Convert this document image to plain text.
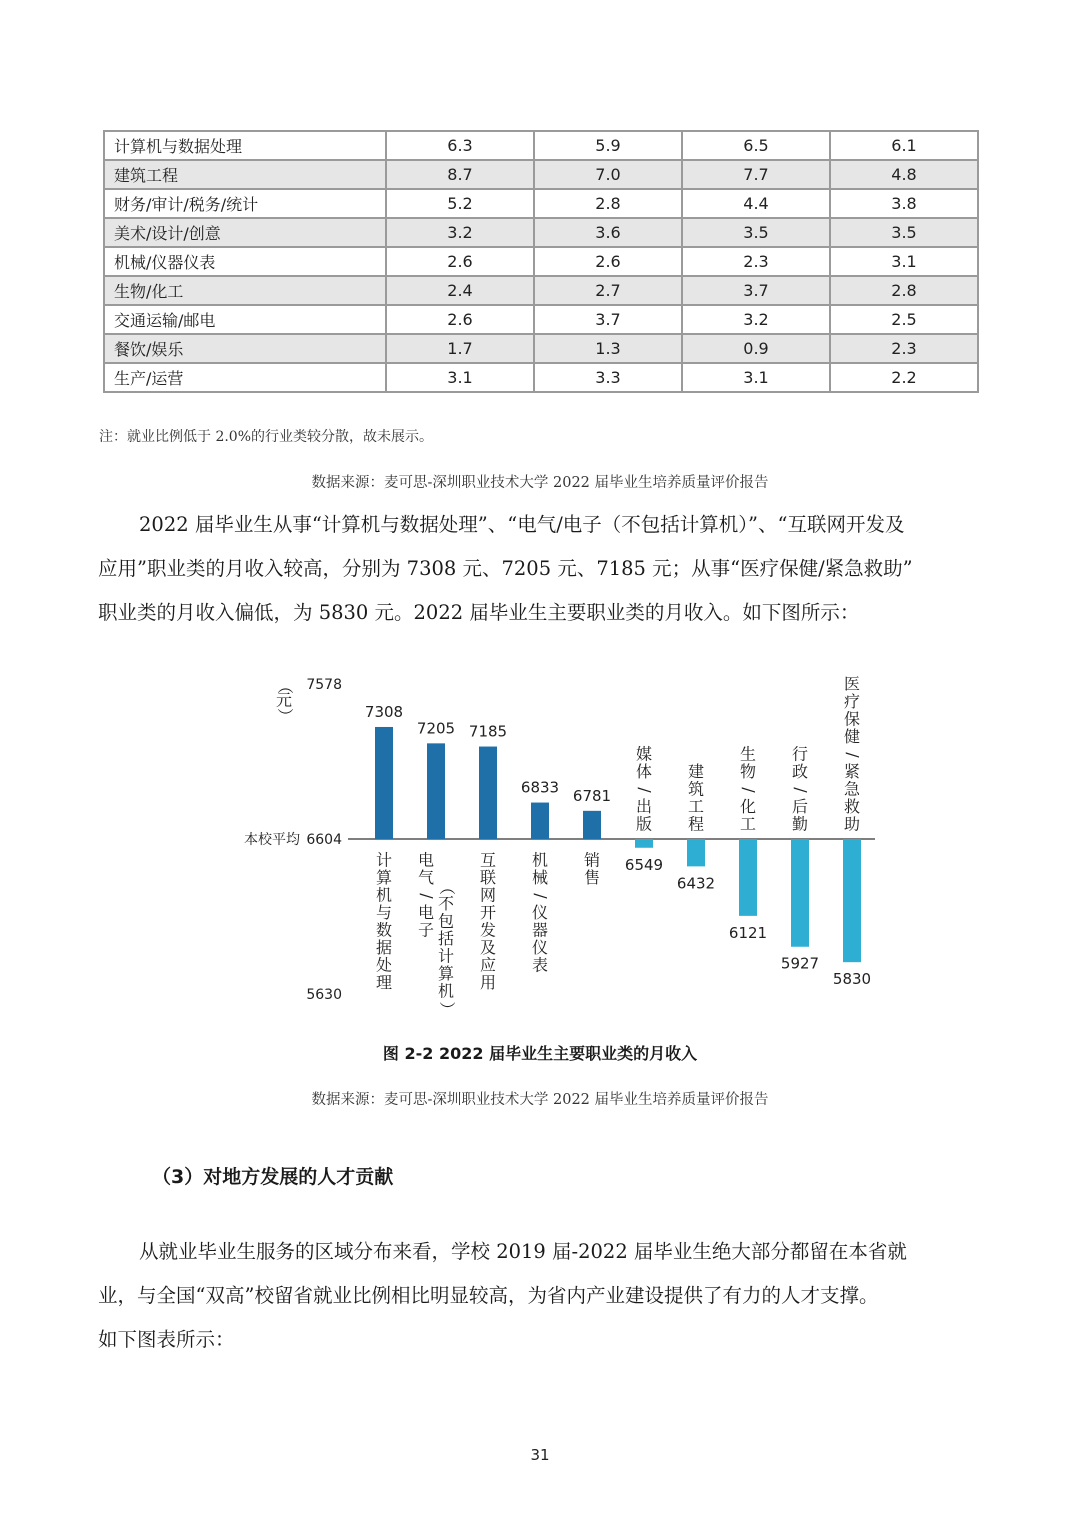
计算机与数据处理	6.3	5.9	6.5	6.1
建筑工程	8.7	7.0	7.7	4.8
财务/审计/税务/统计	5.2	2.8	4.4	3.8
美术/设计/创意	3.2	3.6	3.5	3.5
机械/仪器仪表	2.6	2.6	2.3	3.1
生物/化工	2.4	2.7	3.7	2.8
交通运输/邮电	2.6	3.7	3.2	2.5
餐饮/娱乐	1.7	1.3	0.9	2.3
生产/运营	3.1	3.3	3.1	2.2
注：就业比例低于 2.0%的行业类较分散，故未展示。
数据来源：麦可思-深圳职业技术大学 2022 届毕业生培养质量评价报告

2022 届毕业生从事“计算机与数据处理”、“电气/电子（不包括计算机）”、“互联网开发及
应用”职业类的月收入较高，分别为 7308 元、7205 元、7185 元；从事“医疗保健/紧急救助”
职业类的月收入偏低，为 5830 元。2022 届毕业生主要职业类的月收入。如下图所示：

7578
6604
5630
本校平均
（
元
）	7308
计
算
机
与
数
据
处
理
7205
电
气
/
电
子
（
不
包
括
计
算
机
）
7185
互
联
网
开
发
及
应
用
6833
机
械
/
仪
器
仪
表
6781
销
售
6549
媒
体
/
出
版
6432
建
筑
工
程
6121
生
物
/
化
工
5927
行
政
/
后
勤
5830
医
疗
保
健
/
紧
急
救
助
图 2-2 2022 届毕业生主要职业类的月收入
数据来源：麦可思-深圳职业技术大学 2022 届毕业生培养质量评价报告
（3）对地方发展的人才贡献

从就业毕业生服务的区域分布来看，学校 2019 届-2022 届毕业生绝大部分都留在本省就
业，与全国“双高”校留省就业比例相比明显较高，为省内产业建设提供了有力的人才支撑。
如下图表所示：

31
